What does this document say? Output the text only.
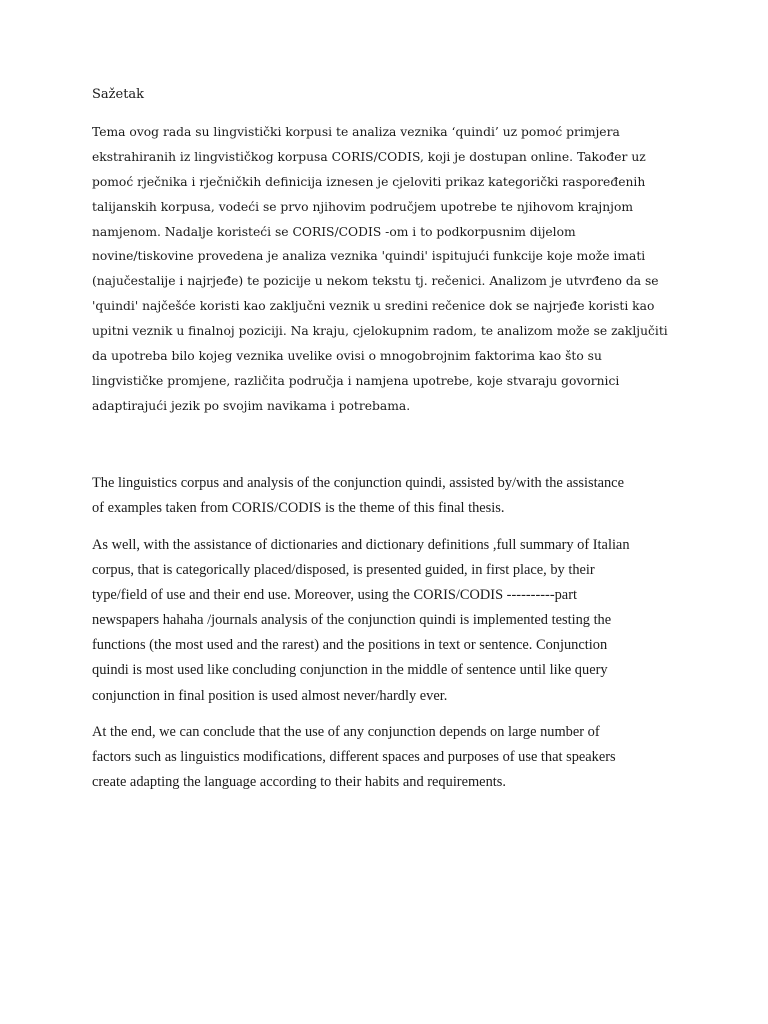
Sažetak
Tema ovog rada su lingvistički korpusi te analiza veznika ‘quindi’ uz pomoć primjera
ekstrahiranih iz lingvističkog korpusa CORIS/CODIS, koji je dostupan online. Također uz
pomoć rječnika i rječničkih definicija iznesen je cjeloviti prikaz kategorički raspoređenih
talijanskih korpusa, vodeći se prvo njihovim područjem upotrebe te njihovom krajnjom
namjenom. Nadalje koristeći se CORIS/CODIS -om i to podkorpusnim dijelom
novine/tiskovine provedena je analiza veznika 'quindi' ispitujući funkcije koje može imati
(najučestalije i najrjeđe) te pozicije u nekom tekstu tj. rečenici. Analizom je utvrđeno da se
'quindi' najčešće koristi kao zaključni veznik u sredini rečenice dok se najrjeđe koristi kao
upitni veznik u finalnoj poziciji. Na kraju, cjelokupnim radom, te analizom može se zaključiti
da upotreba bilo kojeg veznika uvelike ovisi o mnogobrojnim faktorima kao što su
lingvističke promjene, različita područja i namjena upotrebe, koje stvaraju govornici
adaptirajući jezik po svojim navikama i potrebama.
The linguistics corpus and analysis of the conjunction quindi, assisted by/with the assistance
of examples taken from CORIS/CODIS is the theme of this final thesis.
As well, with the assistance of dictionaries and dictionary definitions ,full summary of Italian
corpus, that is categorically placed/disposed, is presented guided, in first place, by their
type/field of use and their end use. Moreover, using the CORIS/CODIS ----------part
newspapers hahaha /journals analysis of the conjunction quindi is implemented testing the
functions (the most used and the rarest) and the positions in text or sentence. Conjunction
quindi is most used like concluding conjunction in the middle of sentence until like query
conjunction in final position is used almost never/hardly ever.
At the end, we can conclude that the use of any conjunction depends on large number of
factors such as linguistics modifications, different spaces and purposes of use that speakers
create adapting the language according to their habits and requirements.
